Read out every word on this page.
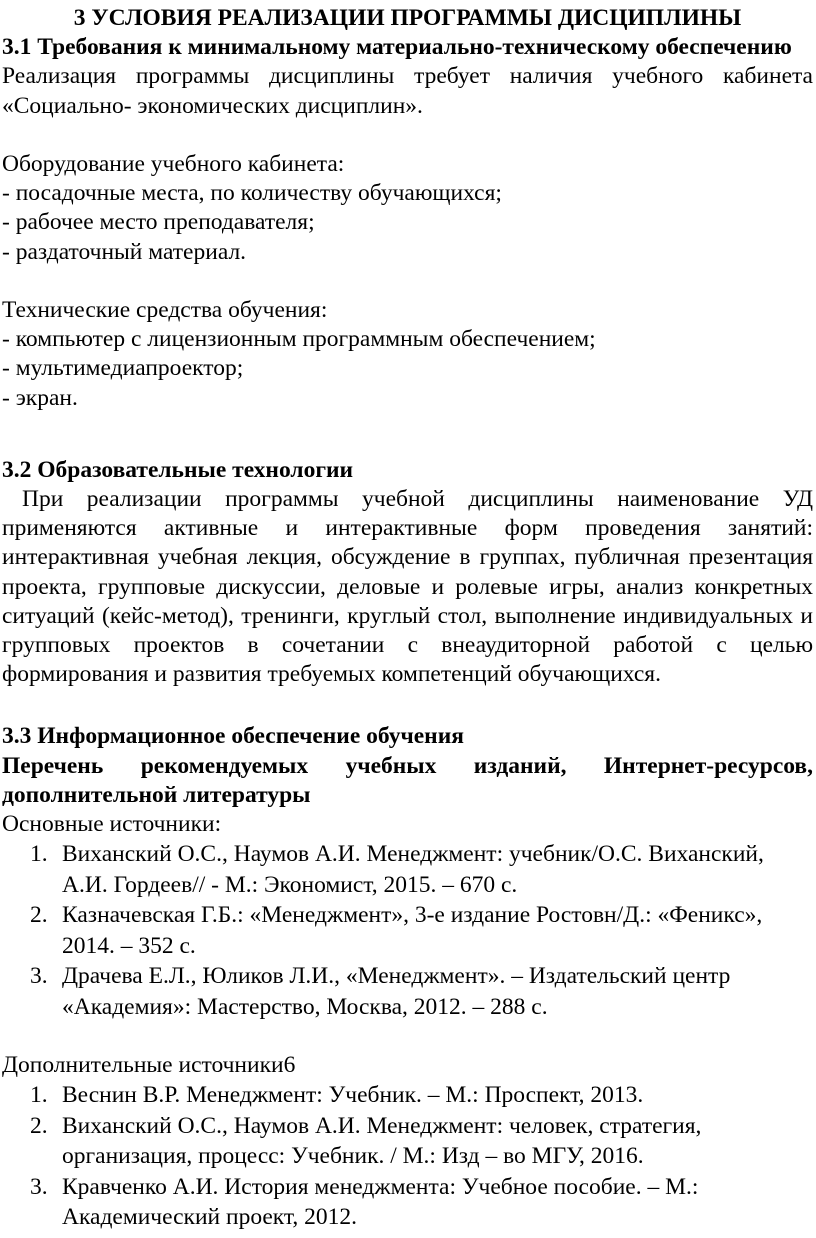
3 УСЛОВИЯ РЕАЛИЗАЦИИ ПРОГРАММЫ ДИСЦИПЛИНЫ
3.1 Требования к минимальному материально-техническому обеспечению
Реализация программы дисциплины требует наличия учебного кабинета «Социально- экономических дисциплин».
Оборудование учебного кабинета:
- посадочные места, по количеству обучающихся;
- рабочее место преподавателя;
- раздаточный материал.
Технические средства обучения:
- компьютер с лицензионным программным обеспечением;
- мультимедиапроектор;
- экран.
3.2 Образовательные технологии
При реализации программы учебной дисциплины наименование УД применяются активные и интерактивные форм проведения занятий: интерактивная учебная лекция, обсуждение в группах, публичная презентация проекта, групповые дискуссии, деловые и ролевые игры, анализ конкретных ситуаций (кейс-метод), тренинги, круглый стол, выполнение индивидуальных и групповых проектов в сочетании с внеаудиторной работой с целью формирования и развития требуемых компетенций обучающихся.
3.3 Информационное обеспечение обучения
Перечень рекомендуемых учебных изданий, Интернет-ресурсов, дополнительной литературы
Основные источники:
1. Виханский О.С., Наумов А.И. Менеджмент: учебник/О.С. Виханский,
А.И. Гордеев// - М.: Экономист, 2015. – 670 с.
2. Казначевская Г.Б.: «Менеджмент», 3-е издание Ростовн/Д.: «Феникс»,
2014. – 352 с.
3. Драчева Е.Л., Юликов Л.И., «Менеджмент». – Издательский центр
«Академия»: Мастерство, Москва, 2012. – 288 с.
Дополнительные источники6
1. Веснин В.Р. Менеджмент: Учебник. – М.: Проспект, 2013.
2. Виханский О.С., Наумов А.И. Менеджмент: человек, стратегия,
организация, процесс: Учебник. / М.: Изд – во МГУ, 2016.
3. Кравченко А.И. История менеджмента: Учебное пособие. – М.:
Академический проект, 2012.
